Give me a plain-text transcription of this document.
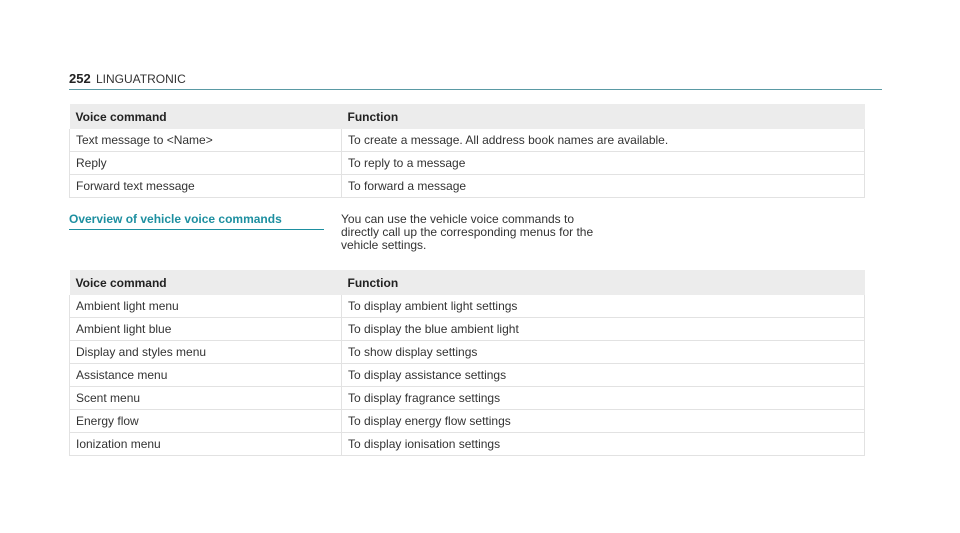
252 LINGUATRONIC
Voice command	Function
Text message to <Name>	To create a message. All address book names are available.
Reply	To reply to a message
Forward text message	To forward a message
Overview of vehicle voice commands	You can use the vehicle voice commands to
directly call up the corresponding menus for the
vehicle settings.
Voice command	Function
Ambient light menu	To display ambient light settings
Ambient light blue	To display the blue ambient light
Display and styles menu	To show display settings
Assistance menu	To display assistance settings
Scent menu	To display fragrance settings
Energy flow	To display energy flow settings
Ionization menu	To display ionisation settings
